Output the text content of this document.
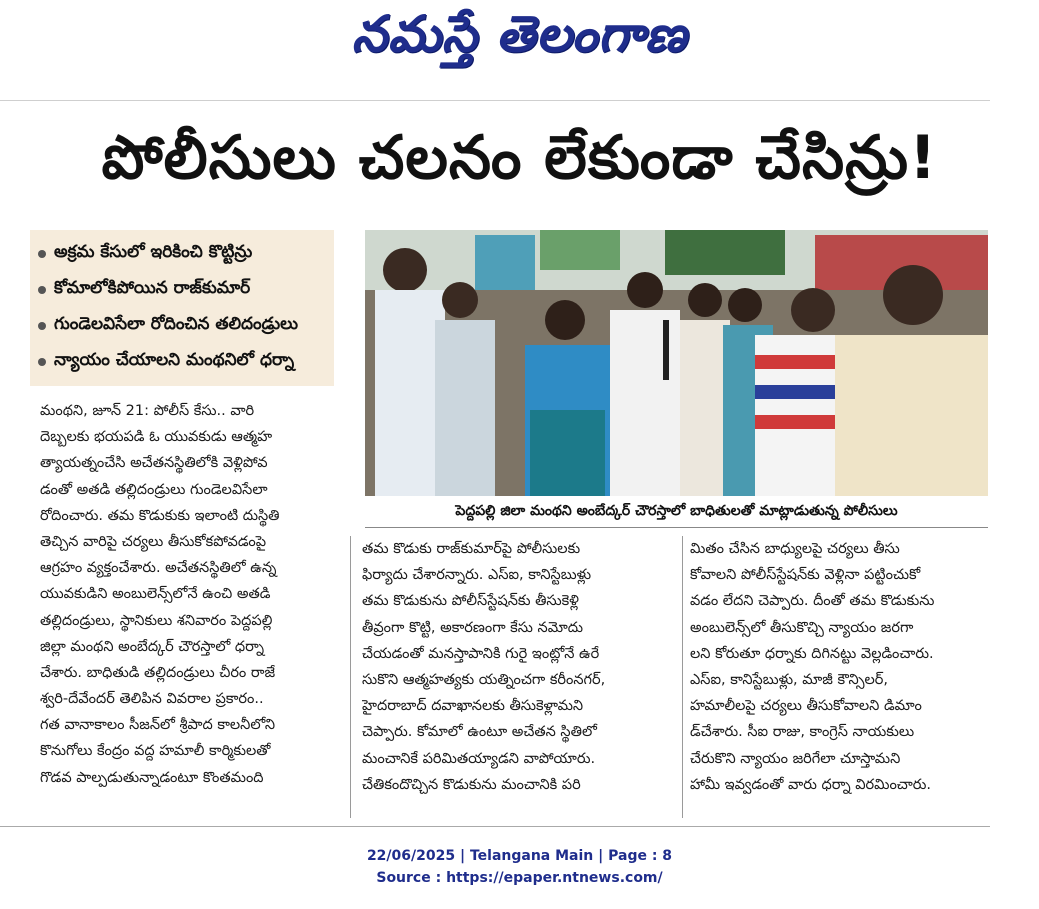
నమస్తే తెలంగాణ
పోలీసులు చలనం లేకుండా చేసిన్రు!
అక్రమ కేసులో ఇరికించి కొట్టిన్రు
కోమాలోకిపోయిన రాజ్‌కుమార్
గుండెలవిసేలా రోదించిన తలిదండ్రులు
న్యాయం చేయాలని మంథనిలో ధర్నా
పెద్దపల్లి జిలా మంథని అంబేద్కర్ చౌరస్తాలో బాధితులతో మాట్లాడుతున్న పోలీసులు
మంథని, జూన్ 21: పోలీస్ కేసు.. వారి
దెబ్బలకు భయపడి ఓ యువకుడు ఆత్మహ
త్యాయత్నంచేసి అచేతనస్థితిలోకి వెళ్లిపోవ
డంతో అతడి తల్లిదండ్రులు గుండెలవిసేలా
రోదించారు. తమ కొడుకుకు ఇలాంటి దుస్థితి
తెచ్చిన వారిపై చర్యలు తీసుకోకపోవడంపై
ఆగ్రహం వ్యక్తంచేశారు. అచేతనస్థితిలో ఉన్న
యువకుడిని అంబులెన్స్‌లోనే ఉంచి అతడి
తల్లిదండ్రులు, స్థానికులు శనివారం పెద్దపల్లి
జిల్లా మంథని అంబేద్కర్ చౌరస్తాలో ధర్నా
చేశారు. బాధితుడి తల్లిదండ్రులు చీరం రాజే
శ్వరి-దేవేందర్ తెలిపిన వివరాల ప్రకారం..
గత వానాకాలం సీజన్‌లో శ్రీపాద కాలనీలోని
కొనుగోలు కేంద్రం వద్ద హమాలీ కార్మికులతో
గొడవ పాల్పడుతున్నాడంటూ కొంతమంది
తమ కొడుకు రాజ్‌కుమార్‌పై పోలీసులకు
ఫిర్యాదు చేశారన్నారు. ఎస్ఐ, కానిస్టేబుళ్లు
తమ కొడుకును పోలీస్‌స్టేషన్‌కు తీసుకెళ్లి
తీవ్రంగా కొట్టి, అకారణంగా కేసు నమోదు
చేయడంతో మనస్తాపానికి గురై ఇంట్లోనే ఉరే
సుకొని ఆత్మహత్యకు యత్నించగా కరీంనగర్,
హైదరాబాద్ దవాఖానలకు తీసుకెళ్లామని
చెప్పారు. కోమాలో ఉంటూ అచేతన స్థితిలో
మంచానికే పరిమితయ్యాడని వాపోయారు.
చేతికందొచ్చిన కొడుకును మంచానికి పరి
మితం చేసిన బాధ్యులపై చర్యలు తీసు
కోవాలని పోలీస్‌స్టేషన్‌కు వెళ్లినా పట్టించుకో
వడం లేదని చెప్పారు. దీంతో తమ కొడుకును
అంబులెన్స్‌లో తీసుకొచ్చి న్యాయం జరగా
లని కోరుతూ ధర్నాకు దిగినట్టు వెల్లడించారు.
ఎస్ఐ, కానిస్టేబుళ్లు, మాజీ కౌన్సిలర్,
హమాలీలపై చర్యలు తీసుకోవాలని డిమాం
డ్‌చేశారు. సీఐ రాజు, కాంగ్రెస్ నాయకులు
చేరుకొని న్యాయం జరిగేలా చూస్తామని
హామీ ఇవ్వడంతో వారు ధర్నా విరమించారు.
22/06/2025 | Telangana Main | Page : 8
Source : https://epaper.ntnews.com/
